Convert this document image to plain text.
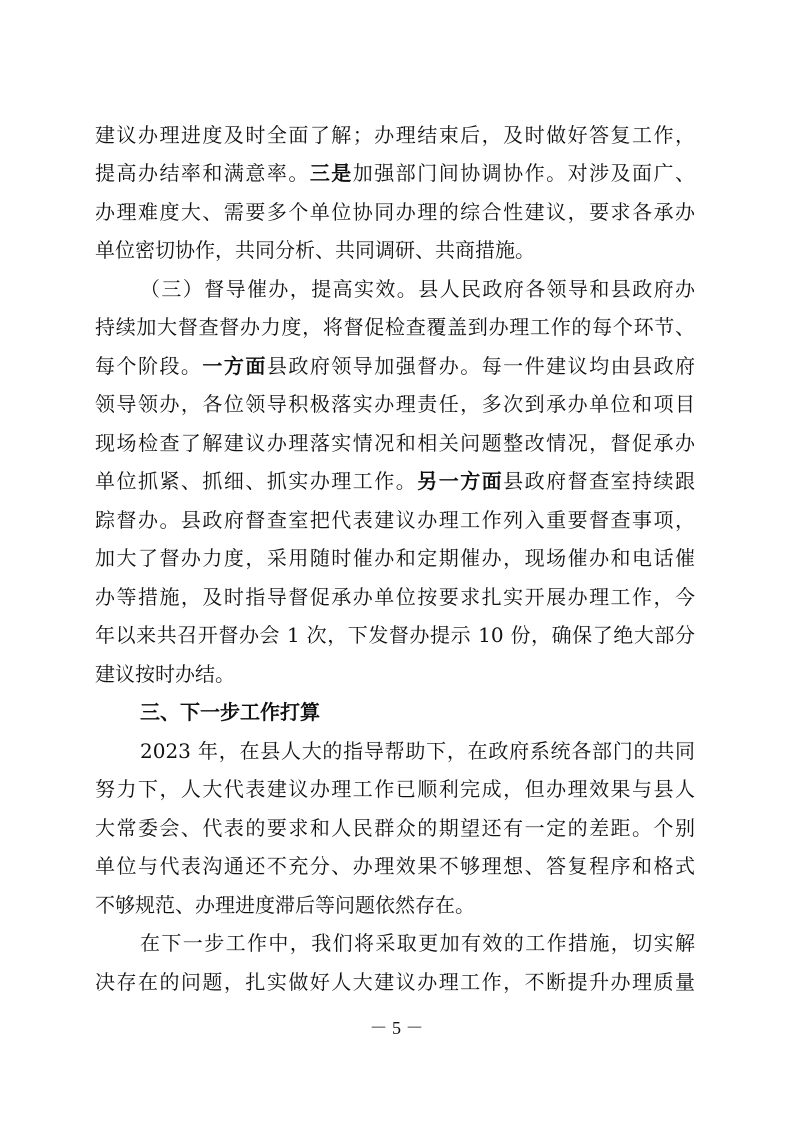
建议办理进度及时全面了解；办理结束后，及时做好答复工作，
提高办结率和满意率。三是加强部门间协调协作。对涉及面广、
办理难度大、需要多个单位协同办理的综合性建议，要求各承办
单位密切协作，共同分析、共同调研、共商措施。
（三）督导催办，提高实效。县人民政府各领导和县政府办
持续加大督查督办力度，将督促检查覆盖到办理工作的每个环节、
每个阶段。一方面县政府领导加强督办。每一件建议均由县政府
领导领办，各位领导积极落实办理责任，多次到承办单位和项目
现场检查了解建议办理落实情况和相关问题整改情况，督促承办
单位抓紧、抓细、抓实办理工作。另一方面县政府督查室持续跟
踪督办。县政府督查室把代表建议办理工作列入重要督查事项，
加大了督办力度，采用随时催办和定期催办，现场催办和电话催
办等措施，及时指导督促承办单位按要求扎实开展办理工作，今
年以来共召开督办会 1 次，下发督办提示 10 份，确保了绝大部分
建议按时办结。
三、下一步工作打算
2023 年，在县人大的指导帮助下，在政府系统各部门的共同
努力下，人大代表建议办理工作已顺利完成，但办理效果与县人
大常委会、代表的要求和人民群众的期望还有一定的差距。个别
单位与代表沟通还不充分、办理效果不够理想、答复程序和格式
不够规范、办理进度滞后等问题依然存在。
在下一步工作中，我们将采取更加有效的工作措施，切实解
决存在的问题，扎实做好人大建议办理工作，不断提升办理质量
－ 5 －
